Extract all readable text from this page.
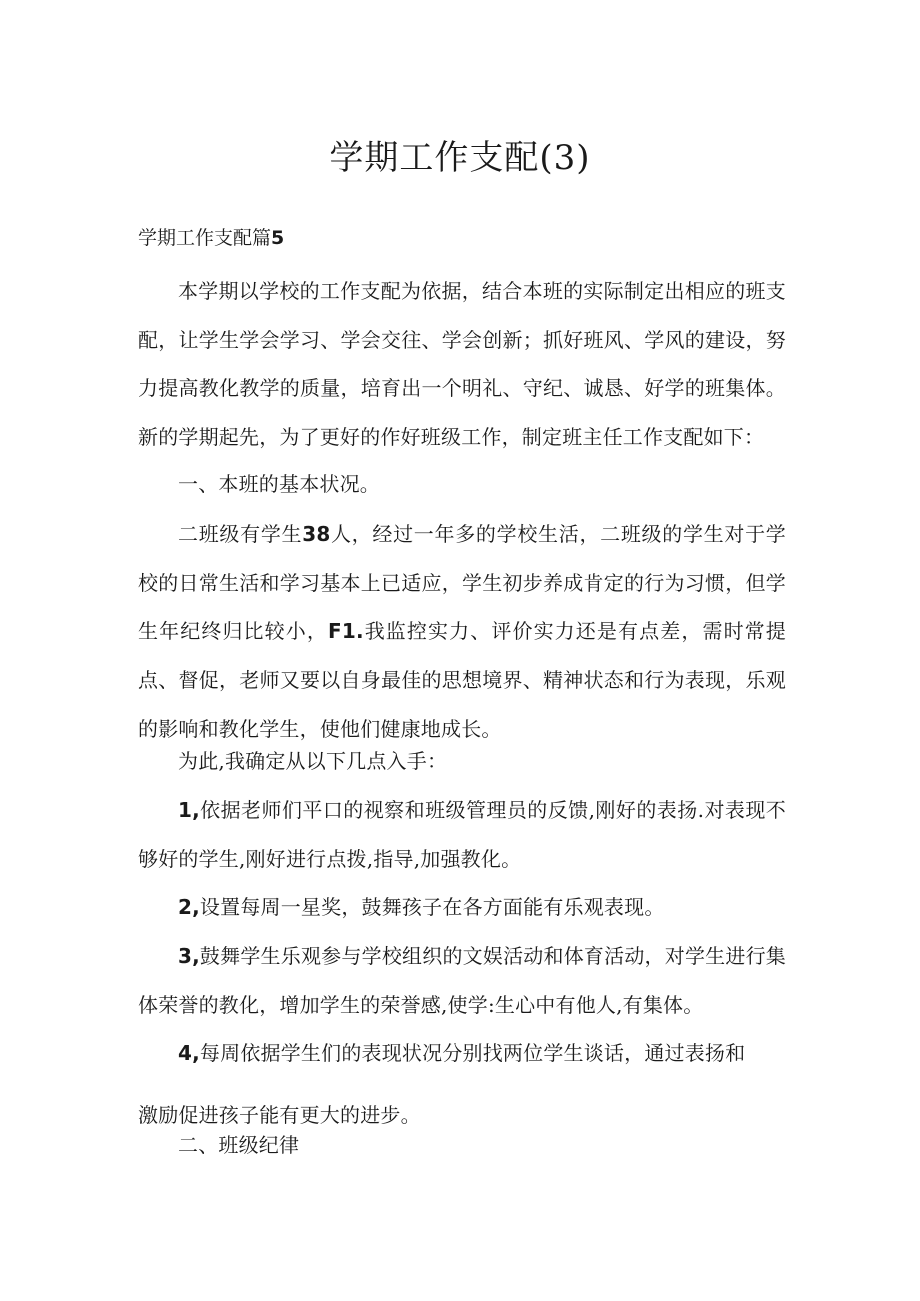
学期工作支配(3)

学期工作支配篇5

本学期以学校的工作支配为依据，结合本班的实际制定出相应的班支配，让学生学会学习、学会交往、学会创新；抓好班风、学风的建设，努力提高教化教学的质量，培育出一个明礼、守纪、诚恳、好学的班集体。新的学期起先，为了更好的作好班级工作，制定班主任工作支配如下：

一、本班的基本状况。

二班级有学生38人，经过一年多的学校生活，二班级的学生对于学校的日常生活和学习基本上已适应，学生初步养成肯定的行为习惯，但学生年纪终归比较小，F1.我监控实力、评价实力还是有点差，需时常提点、督促，老师又要以自身最佳的思想境界、精神状态和行为表现，乐观的影响和教化学生，使他们健康地成长。

为此,我确定从以下几点入手：

1,依据老师们平口的视察和班级管理员的反馈,刚好的表扬.对表现不够好的学生,刚好进行点拨,指导,加强教化。

2,设置每周一星奖，鼓舞孩子在各方面能有乐观表现。

3,鼓舞学生乐观参与学校组织的文娱活动和体育活动，对学生进行集体荣誉的教化，增加学生的荣誉感,使学:生心中有他人,有集体。

4,每周依据学生们的表现状况分别找两位学生谈话，通过表扬和

激励促进孩子能有更大的进步。

二、班级纪律
